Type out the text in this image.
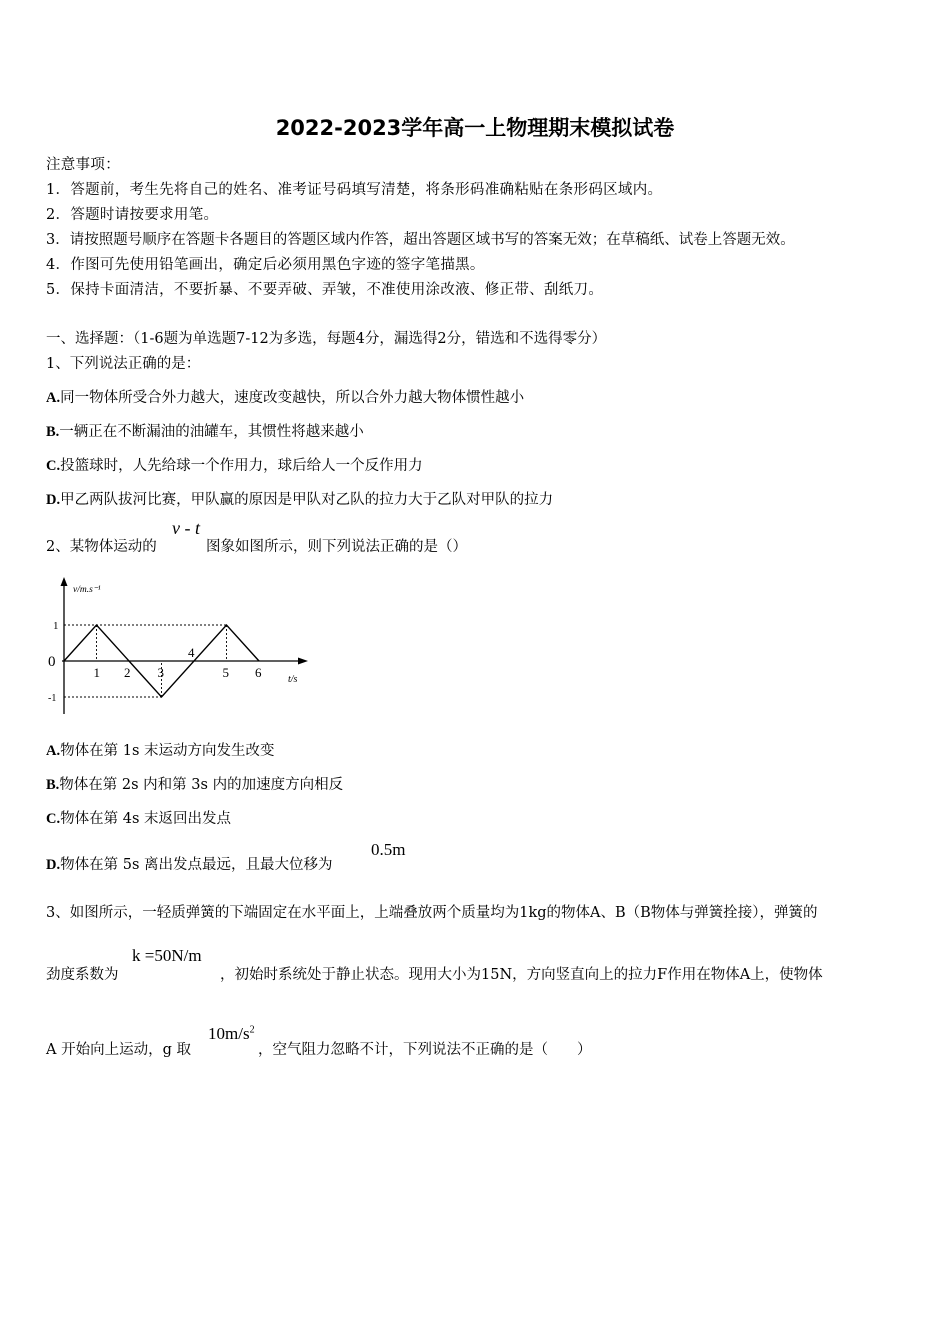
2022-2023学年高一上物理期末模拟试卷
注意事项：
1．答题前，考生先将自己的姓名、准考证号码填写清楚，将条形码准确粘贴在条形码区域内。
2．答题时请按要求用笔。
3．请按照题号顺序在答题卡各题目的答题区域内作答，超出答题区域书写的答案无效；在草稿纸、试卷上答题无效。
4．作图可先使用铅笔画出，确定后必须用黑色字迹的签字笔描黑。
5．保持卡面清洁，不要折暴、不要弄破、弄皱，不准使用涂改液、修正带、刮纸刀。
一、选择题：（1-6题为单选题7-12为多选，每题4分，漏选得2分，错选和不选得零分）
1、下列说法正确的是：
A.同一物体所受合外力越大，速度改变越快，所以合外力越大物体惯性越小
B.一辆正在不断漏油的油罐车，其惯性将越来越小
C.投篮球时，人先给球一个作用力，球后给人一个反作用力
D.甲乙两队拔河比赛，甲队赢的原因是甲队对乙队的拉力大于乙队对甲队的拉力
2、某物体运动的
v - t
图象如图所示，则下列说法正确的是（）
1 2 3
4
5 6
1
0
-1
v/m.s⁻¹
t/s
A.物体在第 1s 末运动方向发生改变
B.物体在第 2s 内和第 3s 内的加速度方向相反
C.物体在第 4s 末返回出发点
D.物体在第 5s 离出发点最远，且最大位移为
0.5m
3、如图所示，一轻质弹簧的下端固定在水平面上，上端叠放两个质量均为1kg的物体A、B（B物体与弹簧拴接），弹簧的
劲度系数为
k =50N/m
，初始时系统处于静止状态。现用大小为15N，方向竖直向上的拉力F作用在物体A上，使物体
A 开始向上运动，g 取
$10m/s^2$
，空气阻力忽略不计，下列说法不正确的是（　　）
